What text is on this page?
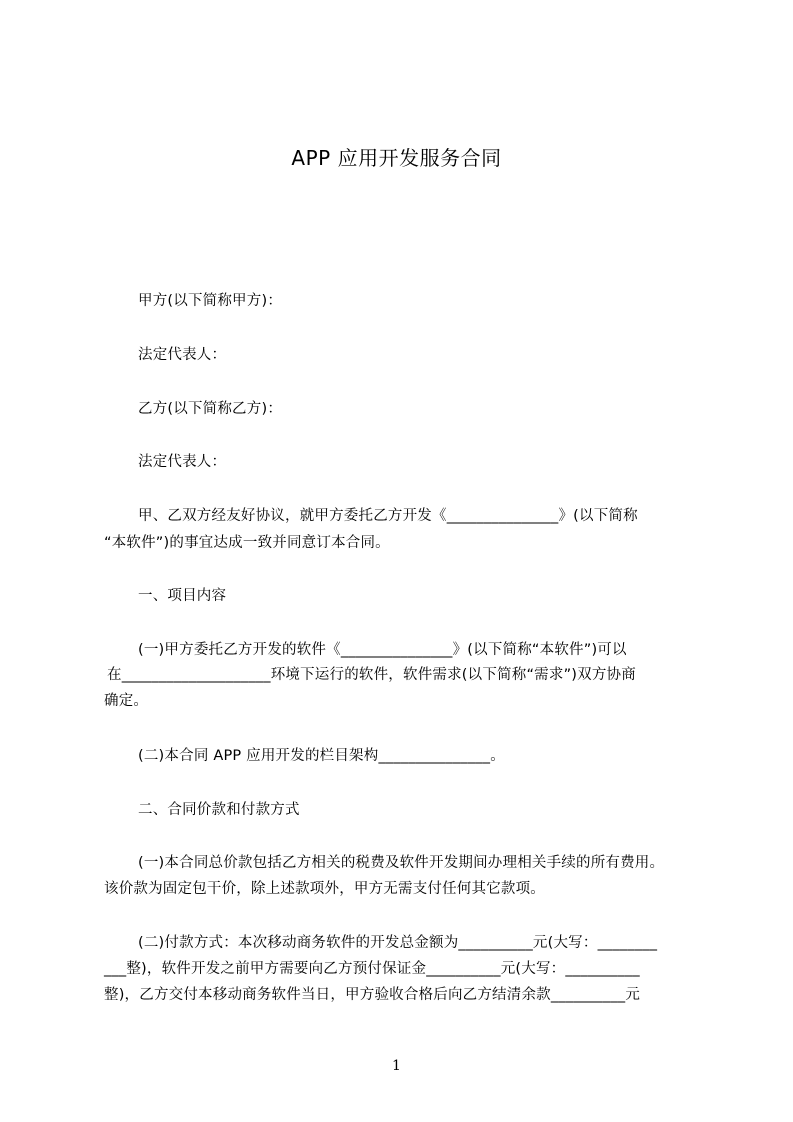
APP 应用开发服务合同
甲方(以下简称甲方)：
法定代表人：
乙方(以下简称乙方)：
法定代表人：
甲、乙双方经友好协议，就甲方委托乙方开发《_______________》(以下简称
“本软件”)的事宜达成一致并同意订本合同。
一、项目内容
(一)甲方委托乙方开发的软件《_______________》(以下简称“本软件”)可以
在____________________环境下运行的软件，软件需求(以下简称“需求”)双方协商
确定。
(二)本合同 APP 应用开发的栏目架构_______________。
二、合同价款和付款方式
(一)本合同总价款包括乙方相关的税费及软件开发期间办理相关手续的所有费用。
该价款为固定包干价，除上述款项外，甲方无需支付任何其它款项。
(二)付款方式：本次移动商务软件的开发总金额为__________元(大写：________
___整)，软件开发之前甲方需要向乙方预付保证金__________元(大写：__________
整)，乙方交付本移动商务软件当日，甲方验收合格后向乙方结清余款__________元
1
